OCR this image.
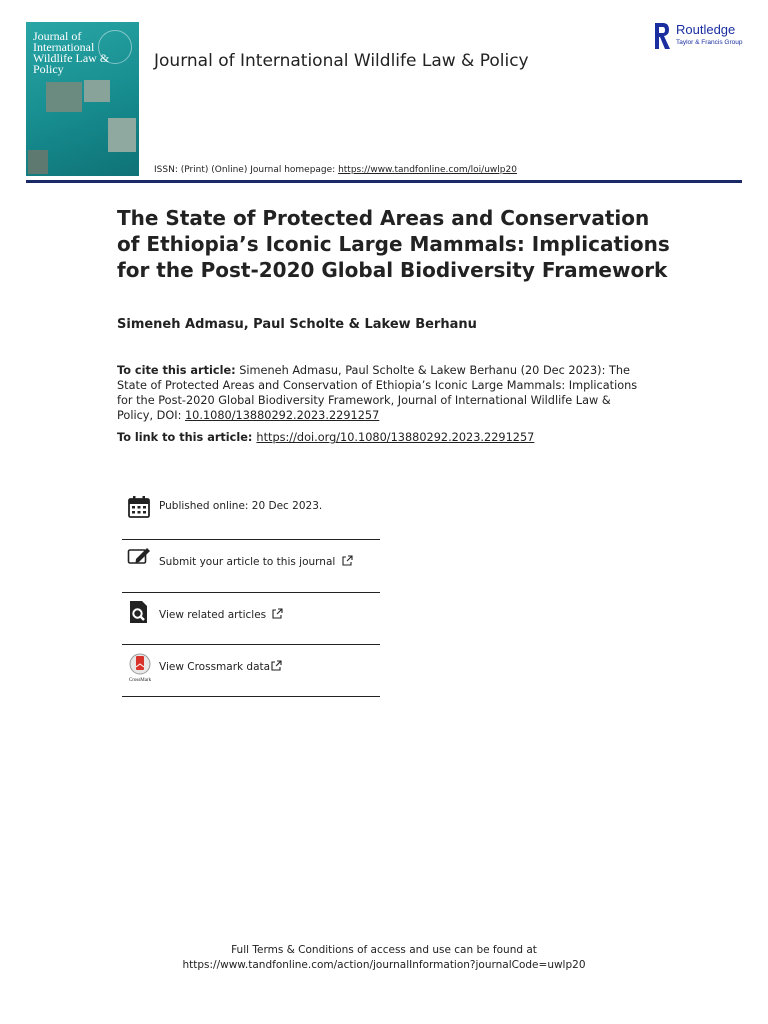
Journal of
International
Wildlife Law & Policy	Journal of International Wildlife Law & Policy
Routledge
Taylor & Francis Group
ISSN: (Print) (Online) Journal homepage: https://www.tandfonline.com/loi/uwlp20
The State of Protected Areas and Conservation of Ethiopia’s Iconic Large Mammals: Implications for the Post-2020 Global Biodiversity Framework
Simeneh Admasu, Paul Scholte & Lakew Berhanu
To cite this article: Simeneh Admasu, Paul Scholte & Lakew Berhanu (20 Dec 2023): The State of Protected Areas and Conservation of Ethiopia’s Iconic Large Mammals: Implications for the Post-2020 Global Biodiversity Framework, Journal of International Wildlife Law & Policy, DOI: 10.1080/13880292.2023.2291257
To link to this article: https://doi.org/10.1080/13880292.2023.2291257
Published online: 20 Dec 2023.
Submit your article to this journal
View related articles
CrossMark
View Crossmark data
Full Terms & Conditions of access and use can be found at
https://www.tandfonline.com/action/journalInformation?journalCode=uwlp20
